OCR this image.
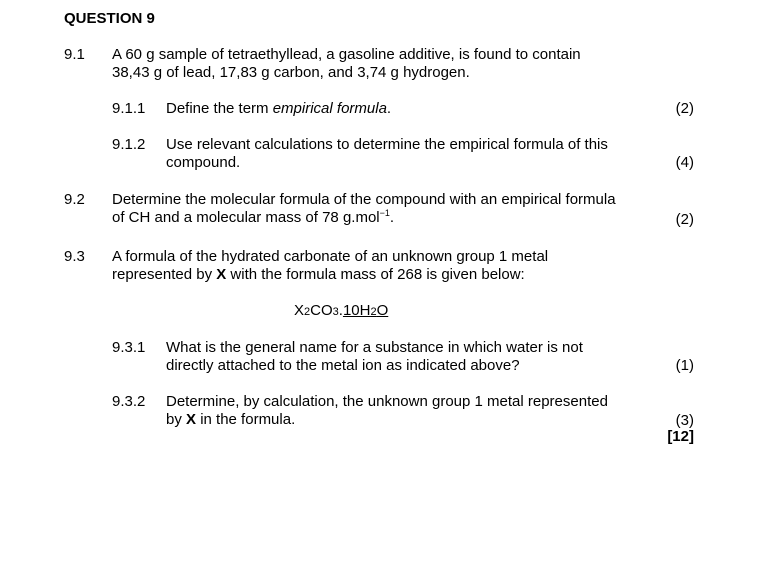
QUESTION 9
9.1 A 60 g sample of tetraethyllead, a gasoline additive, is found to contain
38,43 g of lead, 17,83 g carbon, and 3,74 g hydrogen.
9.1.1 Define the term empirical formula.	(2)
9.1.2 Use relevant calculations to determine the empirical formula of this
compound.	(4)
9.2 Determine the molecular formula of the compound with an empirical formula
of CH and a molecular mass of 78 g.mol$^{-1}$.	(2)
9.3 A formula of the hydrated carbonate of an unknown group 1 metal
represented by X with the formula mass of 268 is given below:
X2CO3.10H2O
9.3.1 What is the general name for a substance in which water is not
directly attached to the metal ion as indicated above?	(1)
9.3.2 Determine, by calculation, the unknown group 1 metal represented
by X in the formula.	(3)
[12]
